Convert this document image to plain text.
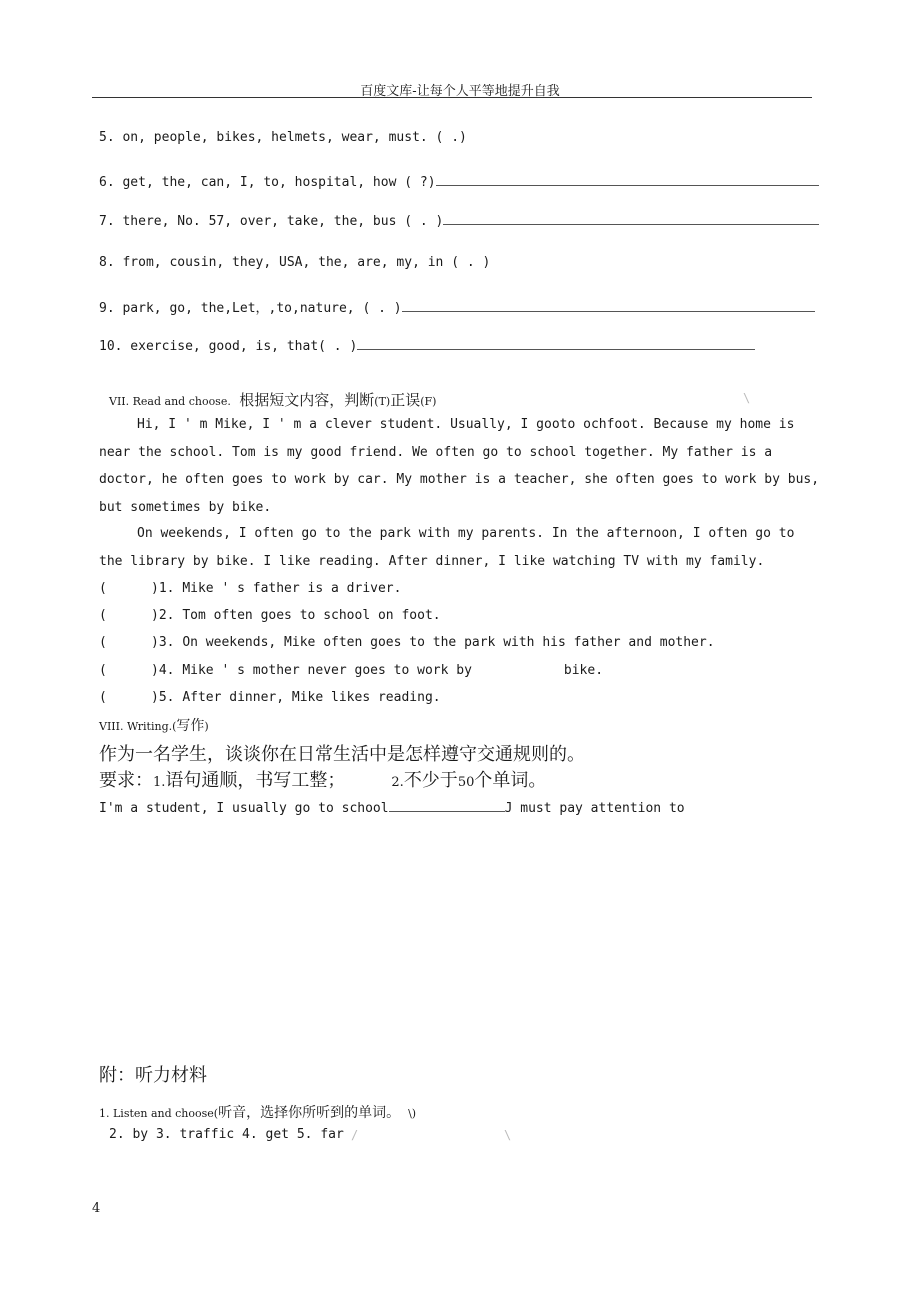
百度文库-让每个人平等地提升自我
5. on, people, bikes, helmets, wear, must. ( .)
6. get, the, can, I, to, hospital, how ( ?)
7. there, No. 57, over, take, the, bus ( . )
8. from, cousin, they, USA, the, are, my, in ( . )
9. park, go, the,Let，,to,nature, ( . )
10. exercise, good, is, that( . )
VII. Read and choose. 根据短文内容，判断(T)正误(F)	\
Hi, I ' m Mike, I ' m a clever student. Usually, I gooto ochfoot. Because my home is near the school. Tom is my good friend. We often go to school together. My father is a doctor, he often goes to work by car. My mother is a teacher, she often goes to work by bus, but sometimes by bike.
On weekends, I often go to the park with my parents. In the afternoon, I often go to the library by bike. I like reading. After dinner, I like watching TV with my family.
(	)1. Mike ' s father is a driver.
(	)2. Tom often goes to school on foot.
(	)3. On weekends, Mike often goes to the park with his father and mother.
(	)4. Mike ' s mother never goes to work by	bike.
(	)5. After dinner, Mike likes reading.
VIII. Writing.(写作)
作为一名学生，谈谈你在日常生活中是怎样遵守交通规则的。
要求：1.语句通顺，书写工整；	2.不少于50个单词。
I'm a student, I usually go to school	J must pay attention to
附：听力材料
1. Listen and choose(听音，选择你所听到的单词。 \)
2. by 3. traffic 4. get 5. far /	\
4
